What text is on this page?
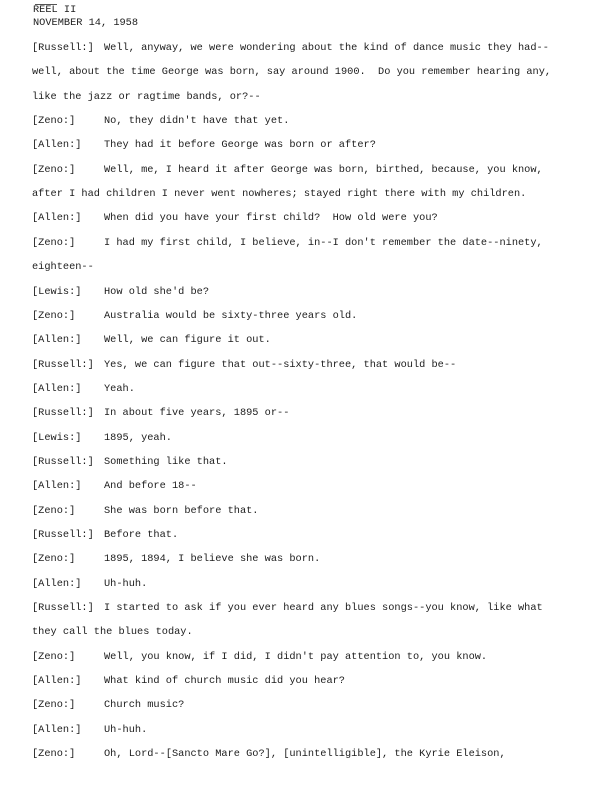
REEL II
NOVEMBER 14, 1958
[Russell:] Well, anyway, we were wondering about the kind of dance music they had--
well, about the time George was born, say around 1900.  Do you remember hearing any,
like the jazz or ragtime bands, or?--
[Zeno:]	No, they didn't have that yet.
[Allen:] They had it before George was born or after?
[Zeno:]	Well, me, I heard it after George was born, birthed, because, you know,
after I had children I never went nowheres; stayed right there with my children.
[Allen:] When did you have your first child?  How old were you?
[Zeno:]	I had my first child, I believe, in--I don't remember the date--ninety,
eighteen--
[Lewis:] How old she'd be?
[Zeno:]	Australia would be sixty-three years old.
[Allen:] Well, we can figure it out.
[Russell:] Yes, we can figure that out--sixty-three, that would be--
[Allen:] Yeah.
[Russell:] In about five years, 1895 or--
[Lewis:] 1895, yeah.
[Russell:] Something like that.
[Allen:] And before 18--
[Zeno:]	She was born before that.
[Russell:] Before that.
[Zeno:]	1895, 1894, I believe she was born.
[Allen:] Uh-huh.
[Russell:] I started to ask if you ever heard any blues songs--you know, like what
they call the blues today.
[Zeno:]	Well, you know, if I did, I didn't pay attention to, you know.
[Allen:] What kind of church music did you hear?
[Zeno:]	Church music?
[Allen:] Uh-huh.
[Zeno:]	Oh, Lord--[Sancto Mare Go?], [unintelligible], the Kyrie Eleison,
